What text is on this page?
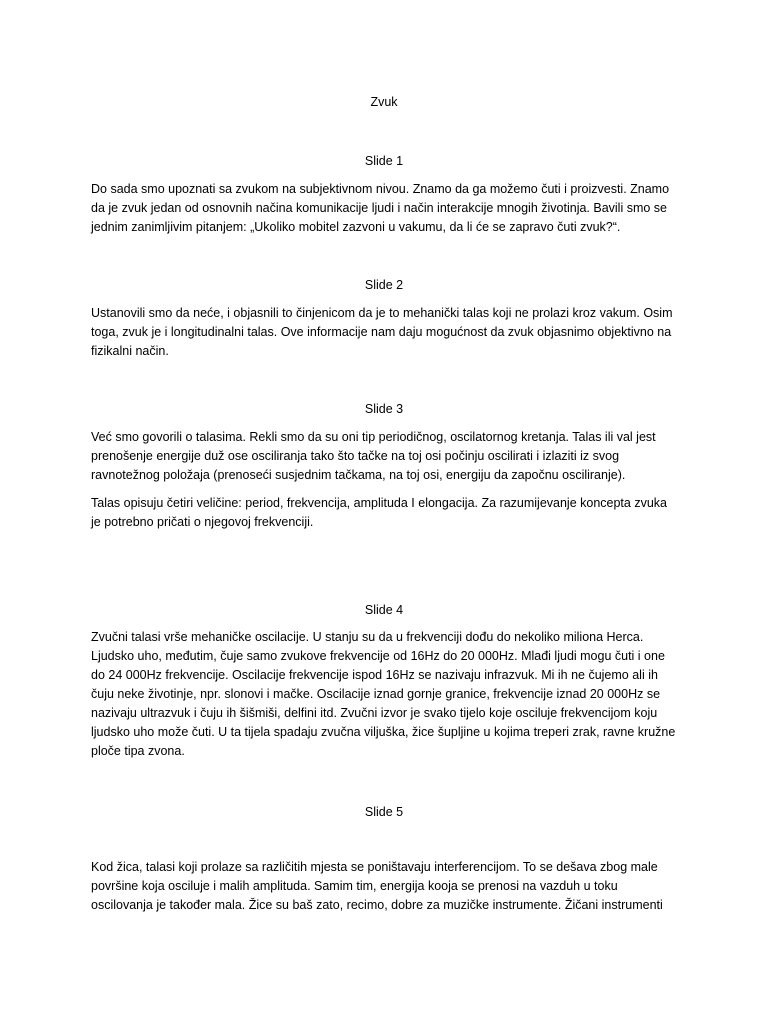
Zvuk
Slide 1

Do sada smo upoznati sa zvukom na subjektivnom nivou. Znamo da ga možemo čuti i proizvesti. Znamo da je zvuk jedan od osnovnih načina komunikacije ljudi i način interakcije mnogih životinja. Bavili smo se jednim zanimljivim pitanjem: „Ukoliko mobitel zazvoni u vakumu, da li će se zapravo čuti zvuk?“.

Slide 2

Ustanovili smo da neće, i objasnili to činjenicom da je to mehanički talas koji ne prolazi kroz vakum. Osim toga, zvuk je i longitudinalni talas. Ove informacije nam daju mogućnost da zvuk objasnimo objektivno na fizikalni način.

Slide 3

Već smo govorili o talasima. Rekli smo da su oni tip periodičnog, oscilatornog kretanja. Talas ili val jest prenošenje energije duž ose osciliranja tako što tačke na toj osi počinju oscilirati i izlaziti iz svog ravnotežnog položaja (prenoseći susjednim tačkama, na toj osi, energiju da započnu osciliranje).

Talas opisuju četiri veličine: period, frekvencija, amplituda I elongacija. Za razumijevanje koncepta zvuka je potrebno pričati o njegovoj frekvenciji.

Slide 4

Zvučni talasi vrše mehaničke oscilacije. U stanju su da u frekvenciji dođu do nekoliko miliona Herca. Ljudsko uho, međutim, čuje samo zvukove frekvencije od 16Hz do 20 000Hz. Mlađi ljudi mogu čuti i one do 24 000Hz frekvencije. Oscilacije frekvencije ispod 16Hz se nazivaju infrazvuk. Mi ih ne čujemo ali ih čuju neke životinje, npr. slonovi i mačke. Oscilacije iznad gornje granice, frekvencije iznad 20 000Hz se nazivaju ultrazvuk i čuju ih šišmiši, delfini itd. Zvučni izvor je svako tijelo koje osciluje frekvencijom koju ljudsko uho može čuti. U ta tijela spadaju zvučna viljuška, žice šupljine u kojima treperi zrak, ravne kružne ploče tipa zvona.

Slide 5

Kod žica, talasi koji prolaze sa različitih mjesta se poništavaju interferencijom. To se dešava zbog male površine koja osciluje i malih amplituda. Samim tim, energija kooja se prenosi na vazduh u toku oscilovanja je također mala. Žice su baš zato, recimo, dobre za muzičke instrumente. Žičani instrumenti
